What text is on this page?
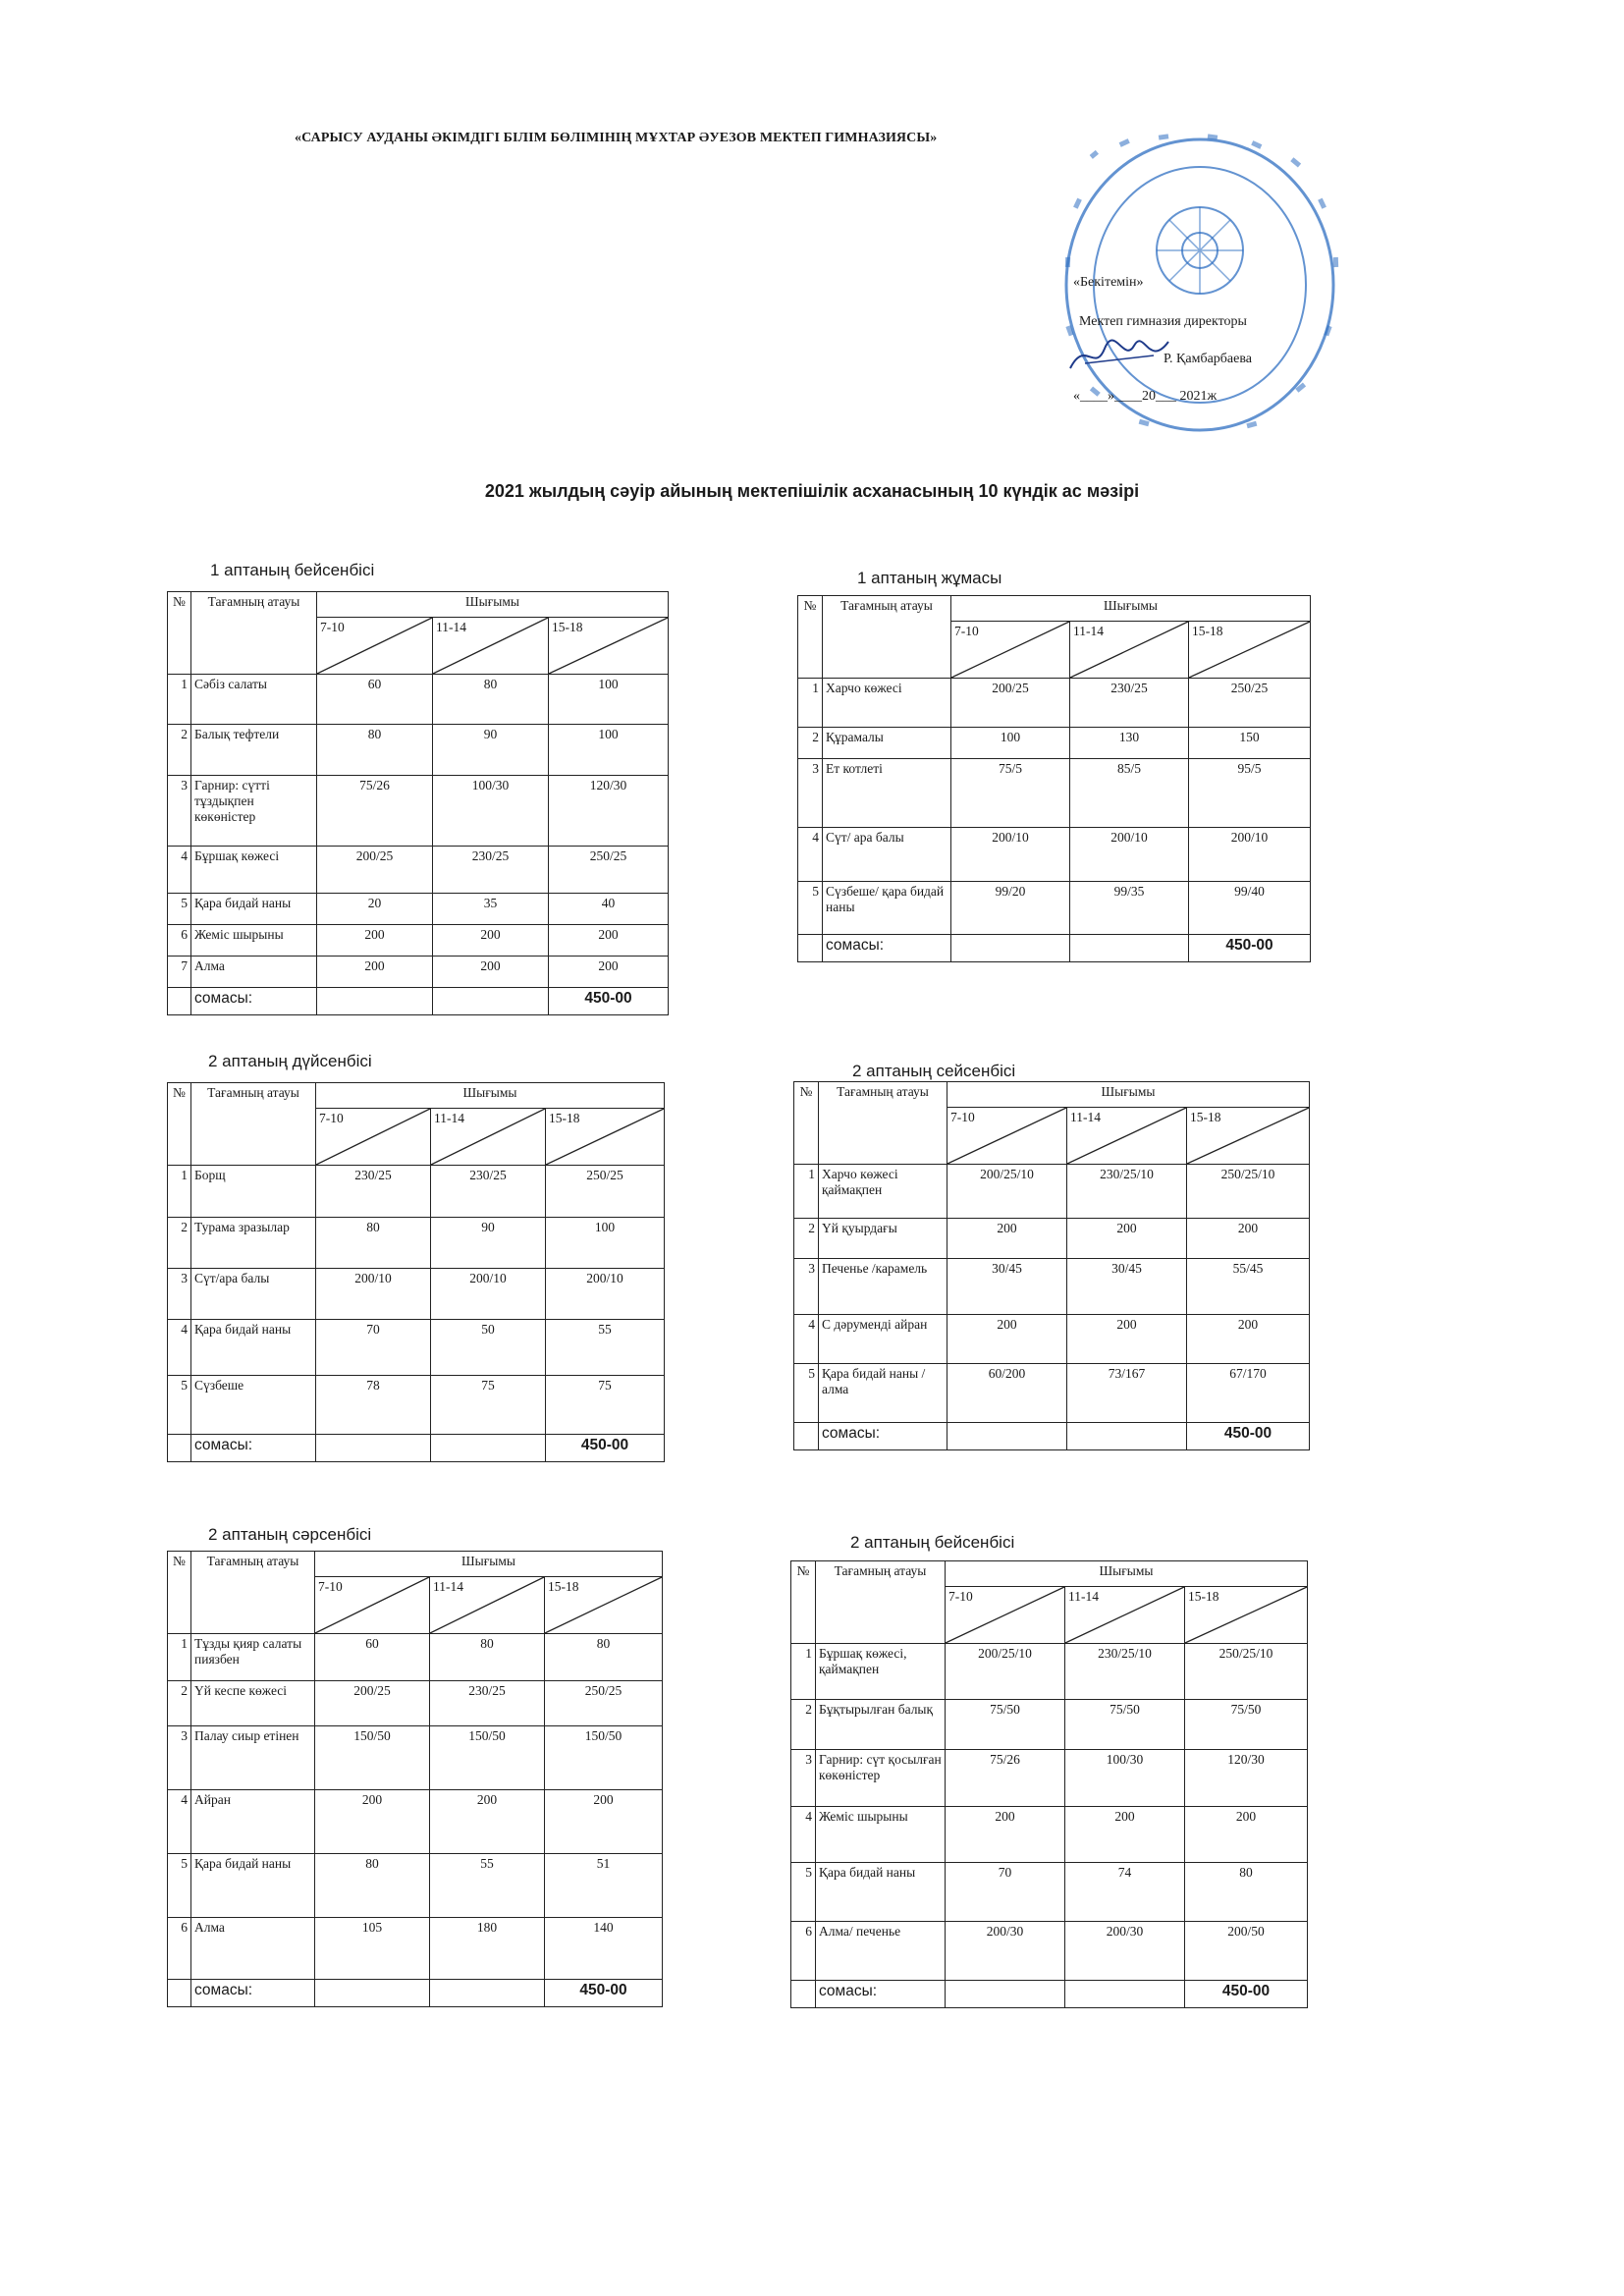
«САРЫСУ АУДАНЫ ӘКІМДІГІ БІЛІМ БӨЛІМІНІҢ МҰХТАР ӘУЕЗОВ МЕКТЕП ГИМНАЗИЯСЫ»
«Бекітемін»
Мектеп гимназия директоры
Р. Қамбарбаева
«____»____20___ 2021ж
2021 жылдың сәуір айының мектепішілік асханасының 10 күндік ас мәзірі
1 аптаның бейсенбісі	1 аптаның жұмасы
2 аптаның дүйсенбісі
2 аптаның сейсенбісі
2 аптаның сәрсенбісі	2 аптаның бейсенбісі
№	Тағамның атауы	Шығымы		

		7-10	11-14	15-18

1	Сәбіз салаты	60	80	100
2	Балық тефтели	80	90	100
3	Гарнир: сүтті тұздықпен көкөністер	75/26	100/30	120/30
4	Бұршақ көжесі	200/25	230/25	250/25
5	Қара бидай наны	20	35	40
6	Жеміс шырыны	200	200	200
7	Алма	200	200	200
	сомасы:			450-00
№	Тағамның атауы	Шығымы		

		7-10	11-14	15-18

1	Харчо көжесі	200/25	230/25	250/25
2	Құрамалы	100	130	150
3	Ет котлеті	75/5	85/5	95/5
4	Сүт/ ара балы	200/10	200/10	200/10
5	Сүзбеше/ қара бидай наны	99/20	99/35	99/40
	сомасы:			450-00
№	Тағамның атауы	Шығымы		

		7-10	11-14	15-18

1	Борщ	230/25	230/25	250/25
2	Турама зразылар	80	90	100
3	Сүт/ара балы	200/10	200/10	200/10
4	Қара бидай наны	70	50	55
5	Сүзбеше	78	75	75
	сомасы:			450-00
№	Тағамның атауы	Шығымы		

		7-10	11-14	15-18

1	Харчо көжесі қаймақпен	200/25/10	230/25/10	250/25/10
2	Үй қуырдағы	200	200	200
3	Печенье /карамель	30/45	30/45	55/45
4	С дәруменді айран	200	200	200
5	Қара бидай наны /алма	60/200	73/167	67/170
	сомасы:			450-00
№	Тағамның атауы	Шығымы		

		7-10	11-14	15-18

1	Тұзды қияр салаты пиязбен	60	80	80
2	Үй кеспе көжесі	200/25	230/25	250/25
3	Палау сиыр етінен	150/50	150/50	150/50
4	Айран	200	200	200
5	Қара бидай наны	80	55	51
6	Алма	105	180	140
	сомасы:			450-00
№	Тағамның атауы	Шығымы		

		7-10	11-14	15-18

1	Бұршақ көжесі, қаймақпен	200/25/10	230/25/10	250/25/10
2	Бұқтырылған балық	75/50	75/50	75/50
3	Гарнир: сүт қосылған көкөністер	75/26	100/30	120/30
4	Жеміс шырыны	200	200	200
5	Қара бидай наны	70	74	80
6	Алма/ печенье	200/30	200/30	200/50
	сомасы:			450-00
